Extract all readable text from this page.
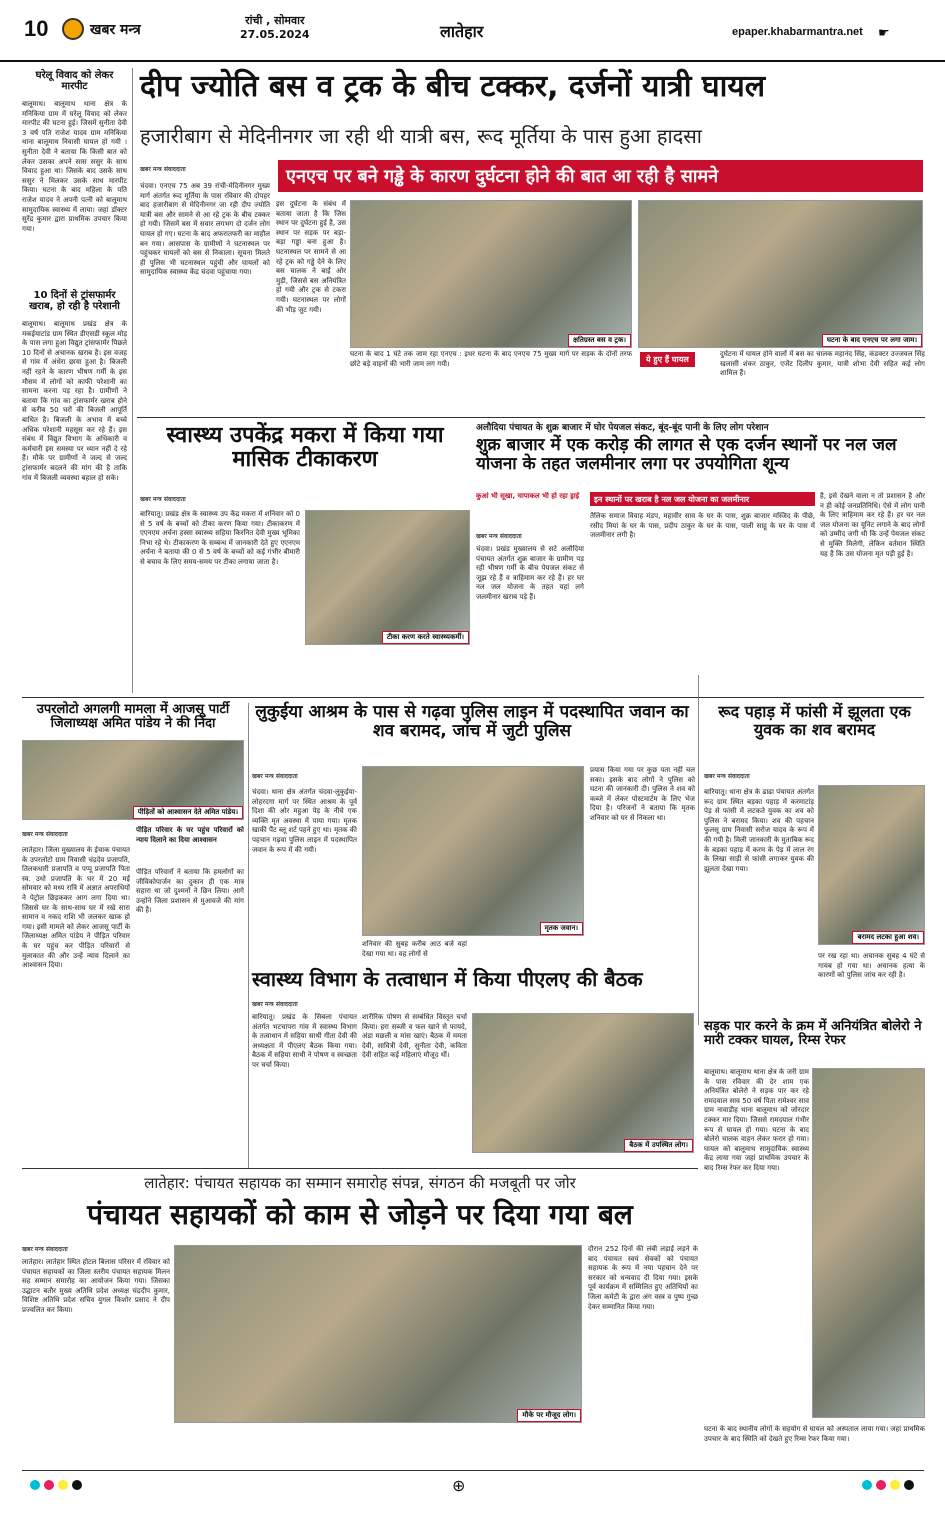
10	खबर मन्त्र
रांची , सोमवार
27.05.2024	लातेहार	epaper.khabarmantra.net ☛
घरेलू विवाद को लेकर मारपीट
बालूमाथ। बालूमाथ थाना क्षेत्र के मनिकिया ग्राम में घरेलू विवाद को लेकर मारपीट की घटना हुई। जिसमें सुनीता देवी 3 वर्ष पति राजेश यादव ग्राम मनिकिया थाना बालूमाथ निवासी घायल हो गयी । सुनीता देवी ने बताया कि किसी बात को लेकर उसका अपने सास ससुर के साथ विवाद हुआ था। जिसके बाद उसके साथ ससुर ने मिलकर उसके साथ मारपीट किया। घटना के बाद महिला के पति राजेश यादव ने अपनी पत्नी को बालूमाथ सामुदायिक स्वास्थ्य में लाया। जहां डॉक्टर सुरेंद्र कुमार द्वारा प्राथमिक उपचार किया गया।
10 दिनों से ट्रांसफार्मर खराब, हो रही है परेशानी
बालूमाथ। बालूमाथ प्रखंड क्षेत्र के मकईयाटांड ग्राम स्थित डीएसडी स्कूल मोड़ के पास लगा हुआ विद्युत ट्रांसफार्मर पिछले 10 दिनों से अचानक खराब है। इस वजह से गांव में अंधेरा छाया हुआ है। बिजली नहीं रहने के कारण भीषण गर्मी के इस मौसम में लोगों को काफी परेशानी का सामना करना पड़ रहा है। ग्रामीणों ने बताया कि गांव का ट्रांसफार्मर खराब होने से करीब 50 घरों की बिजली आपूर्ति बाधित है। बिजली के अभाव में बच्चे अधिक परेशानी महसूस कर रहे हैं। इस संबंध में विद्युत विभाग के अधिकारी व कर्मचारी इस समस्या पर ध्यान नहीं दे रहे हैं। मौके पर ग्रामीणों ने जल्द से जल्द ट्रांसफार्मर बदलने की मांग की है ताकि गांव में बिजली व्यवस्था बहाल हो सके।
दीप ज्योति बस व ट्रक के बीच टक्कर, दर्जनों यात्री घायल
हजारीबाग से मेदिनीनगर जा रही थी यात्री बस, रूद मूर्तिया के पास हुआ हादसा
खबर मन्त्र संवाददाता	एनएच पर बने गड्ढे के कारण दुर्घटना होने की बात आ रही है सामने
चंदवा। एनएच 75 अब 39 रांची-मेदिनीनगर मुख्य मार्ग अंतर्गत रूद मूर्तिया के पास रविवार की दोपहर बाद हजारीबाग से मेदिनीनगर जा रही दीप ज्योति यात्री बस और सामने से आ रहे ट्रक के बीच टक्कर हो गयी। जिसमें बस में सवार लगभग दो दर्जन लोग घायल हो गए। घटना के बाद अफरातफरी का माहौल बन गया। आसपास के ग्रामीणों ने घटनास्थल पर पहुंचकर घायलों को बस से निकाला। सूचना मिलते ही पुलिस भी घटनास्थल पहुंची और घायलों को सामुदायिक स्वास्थ्य केंद्र चंदवा पहुंचाया गया।
इस दुर्घटना के संबंध में बताया जाता है कि जिस स्थान पर दुर्घटना हुई है, उस स्थान पर सड़क पर बड़ा-बड़ा गड्ढा बना हुआ है। घटनास्थल पर सामने से आ रहे ट्रक को गड्ढे देने के लिए बस चालक ने बाईं ओर मुड़ी, जिससे बस अनियंत्रित हो गयी और ट्रक से टकरा गयी। घटनास्थल पर लोगों की भीड़ जुट गयी।
क्षतिग्रस्त बस व ट्रक।	घटना के बाद एनएच पर लगा जाम।
घटना के बाद 1 घंटे तक जाम रहा एनएच : इधर घटना के बाद एनएच 75 मुख्य मार्ग पर सड़क के दोनों तरफ छोटे बड़े वाहनों की भारी जाम लग गयी।	ये हुए हैं घायल
दुर्घटना में घायल होने वालों में बस का चालक महानंद सिंह, कंडक्टर उज्जवल सिंह खलासी शंकर ठाकुर, एजेंट दिलीप कुमार, यात्री शोभा देवी सहित कई लोग शामिल हैं।
स्वास्थ्य उपकेंद्र मकरा में किया गया मासिक टीकाकरण
खबर मन्त्र संवाददाता
बारियातू। प्रखंड क्षेत्र के स्वास्थ्य उप केंद्र मकरा में शनिवार को 0 से 5 वर्ष के बच्चों को टीका करण किया गया। टीकाकरण में एएनएम अर्चना हस्सा स्वास्थ्य सहिया किरनित देवी मुख्य भूमिका निभा रहे थे। टीकाकरण के सम्बन्ध में जानकारी देते हुए एएनएम अर्चना ने बताया की 0 से 5 वर्ष के बच्चों को कई गंभीर बीमारी से बचाव के लिए समय-समय पर टीका लगाया जाता है।
टीका करण करते स्वास्थ्यकर्मी।
अलौदिया पंचायत के शुक्र बाजार में घोर पेयजल संकट, बूंद-बूंद पानी के लिए लोग परेशान
शुक्र बाजार में एक करोड़ की लागत से एक दर्जन स्थानों पर नल जल योजना के तहत जलमीनार लगा पर उपयोगिता शून्य
कुआं भी सूखा, चापाकल भी हो रहा ड्राई	इन स्थानों पर खराब है नल जल योजना का जलमीनार
खबर मन्त्र संवाददाता
चंदवा। प्रखंड मुख्यालय से सटे अलौदिया पंचायत अंतर्गत शुक्र बाजार के ग्रामीण पड़ रही भीषण गर्मी के बीच पेयजल संकट से जूझ रहे हैं व त्राहिमाम कर रहे हैं। हर घर नल जल योजना के तहत यहां लगे जलमीनार खराब पड़े हैं।
तैलिक समाज विवाह मंडप, महावीर साव के घर के पास, शुक्र बाजार मस्जिद के पीछे, रसीद मियां के घर के पास, प्रदीप ठाकुर के घर के पास, पाली साहू के घर के पास में जलमीनार लगी है।
है, इसे देखने वाला न तो प्रशासन है और न ही कोई जनप्रतिनिधि। ऐसे में लोग पानी के लिए त्राहिमाम कर रहे हैं। हर घर नल जल योजना का यूनिट लगाने के बाद लोगों को उम्मीद जगी थी कि उन्हें पेयजल संकट से मुक्ति मिलेगी, लेकिन वर्तमान स्थिति यह है कि उस योजना मृत पड़ी हुई है।
उपरलोटो अगलगी मामला में आजसू पार्टी जिलाध्यक्ष अमित पांडेय ने की निंदा
पीड़ितों को आश्वासन देते अमित पांडेय।
पीड़ित परिवार के घर पहुंच परिवारों को न्याय दिलाने का दिया आश्वासन
खबर मन्त्र संवाददाता
लातेहार। जिला मुख्यालय के ईचाक पंचायत के उपरलोटो ग्राम निवासी चंद्रदेव प्रजापति, तिलकधारी प्रजापति व पप्पू प्रजापति पिता स्व. उधो प्रजापति के घर में 20 मई सोमवार को मध्य रात्रि में अज्ञात अपराधियों ने पेट्रोल छिड़ककर आग लगा दिया था। जिससे घर के साथ-साथ घर में रखे सारा सामान व नकद राशि भी जलकर खाक हो गया। इसी मामले को लेकर आजसू पार्टी के जिलाध्यक्ष अमित पांडेय ने पीड़ित परिवार के घर पहुंच कर पीड़ित परिवारों से मुलाकात की और उन्हें न्याय दिलाने का आश्वासन दिया।
पीड़ित परिवारों ने बताया कि हमलोगों का जीविकोपार्जन का दुकान ही एक मात्र सहारा था जो दुश्मनों ने छिन लिया। आगे उन्होंने जिला प्रशासन से मुआवजे की मांग की है।
लुकुईया आश्रम के पास से गढ़वा पुलिस लाइन में पदस्थापित जवान का शव बरामद, जांच में जुटी पुलिस
खबर मन्त्र संवाददाता
चंदवा। थाना क्षेत्र अंतर्गत चंदवा-लुकुईया-लोहरदगा मार्ग पर स्थित आश्रम के पूर्व दिशा की ओर महुआ पेड़ के नीचे एक व्यक्ति मृत अवस्था में पाया गया। मृतक खाकी पैंट ब्लू शर्ट पहने हुए था। मृतक की पहचान गढ़वा पुलिस लाइन में पदस्थापित जवान के रूप में की गयी।
मृतक जवान।
शनिवार की सुबह करीब आठ बजे वहां देखा गया था। वह लोगों से
प्रयास किया गया पर कुछ पता नहीं चल सका। इसके बाद लोगों ने पुलिस को घटना की जानकारी दी। पुलिस ने शव को कब्जे में लेकर पोस्टमार्टम के लिए भेज दिया है। परिजनों ने बताया कि मृतक शनिवार को घर से निकला था।
रूद पहाड़ में फांसी में झूलता एक युवक का शव बरामद
खबर मन्त्र संवाददाता
बारियातू। थाना क्षेत्र के ढाढा पंचायत अंतर्गत रूद ग्राम स्थित बड़का पहाड़ में करमाटांड़ पेड़ से फांसी में लटकते युवक का शव को पुलिस ने बरामद किया। शव की पहचान फुलसू ग्राम निवासी सरोज यादव के रूप में की गयी है। मिली जानकारी के मुताबिक रूद के बड़का पहाड़ में करम के पेड़ में लाल रंग के लिखा साड़ी से फांसी लगाकर युवक की झूलता देखा गया।
बरामद लटका हुआ शव।
पर रख रहा था। अचानक सुबह 4 घंटे से गायब हो गया था। अचानक हत्या के कारणों को पुलिस जांच कर रही है।
स्वास्थ्य विभाग के तत्वाधान में किया पीएलए की बैठक
खबर मन्त्र संवाददाता
बारियातू। प्रखंड के सिबला पंचायत अंतर्गत भटचापरा गांव में स्वास्थ्य विभाग के तत्वाधान में सहिया साथी गीता देवी की अध्यक्षता में पीएलए बैठक किया गया। बैठक में सहिया साथी ने पोषण व स्वच्छता पर चर्चा किया।
शारीरिक पोषण से सम्बंधित विस्तृत चर्चा किया। हरा सब्जी व फल खाने से फायदे, अंडा मछली व मांस खाएं। बैठक में ममता देवी, सावित्री देवी, सुनीता देवी, कविता देवी सहित कई महिलाएं मौजूद थीं।
बैठक में उपस्थित लोग।
सड़क पार करने के क्रम में अनियंत्रित बोलेरो ने मारी टक्कर घायल, रिम्स रेफर
बालूमाथ। बालूमाथ थाना क्षेत्र के जरी ग्राम के पास रविवार की देर शाम एक अनियंत्रित बोलेरो ने सड़क पार कर रहे रामदयाल साव 50 वर्ष पिता रामेश्वर साव ग्राम नावाडीह थाना बालूमाथ को जोरदार टक्कर मार दिया। जिससे रामदयाल गंभीर रूप से घायल हो गया। घटना के बाद बोलेरो चालक वाहन लेकर फरार हो गया। घायल को बालूमाथ सामुदायिक स्वास्थ्य केंद्र लाया गया जहां प्राथमिक उपचार के बाद रिम्स रेफर कर दिया गया।
घटना के बाद स्थानीय लोगों के सहयोग से घायल को अस्पताल लाया गया। जहां प्राथमिक उपचार के बाद स्थिति को देखते हुए रिम्स रेफर किया गया।
लातेहार: पंचायत सहायक का सम्मान समारोह संपन्न, संगठन की मजबूती पर जोर
पंचायत सहायकों को काम से जोड़ने पर दिया गया बल
खबर मन्त्र संवाददाता
लातेहार। लातेहार स्थित होटल बिलास परिसर में रविवार को पंचायत सहायकों का जिला स्तरीय पंचायत सहायक मिलन सह सम्मान समारोह का आयोजन किया गया। जिसका उद्घाटन बतौर मुख्य अतिथि प्रदेश अध्यक्ष चंद्रदीप कुमार, विशिष्ट अतिथि प्रदेश सचिव युगल किशोर प्रसाद ने दीप प्रज्वलित कर किया।
मौके पर मौजूद लोग।
दौरान 252 दिनों की लंबी लड़ाई लड़ने के बाद पंचायत स्वयं सेवकों को पंचायत सहायक के रूप में नया पहचान देने पर सरकार को धन्यवाद दी दिया गया। इसके पूर्व कार्यक्रम में सम्मिलित हुए अतिथियों का जिला कमेटी के द्वारा अंग वस्त्र व पुष्प गुच्छ देकर सम्मानित किया गया।
⊕
